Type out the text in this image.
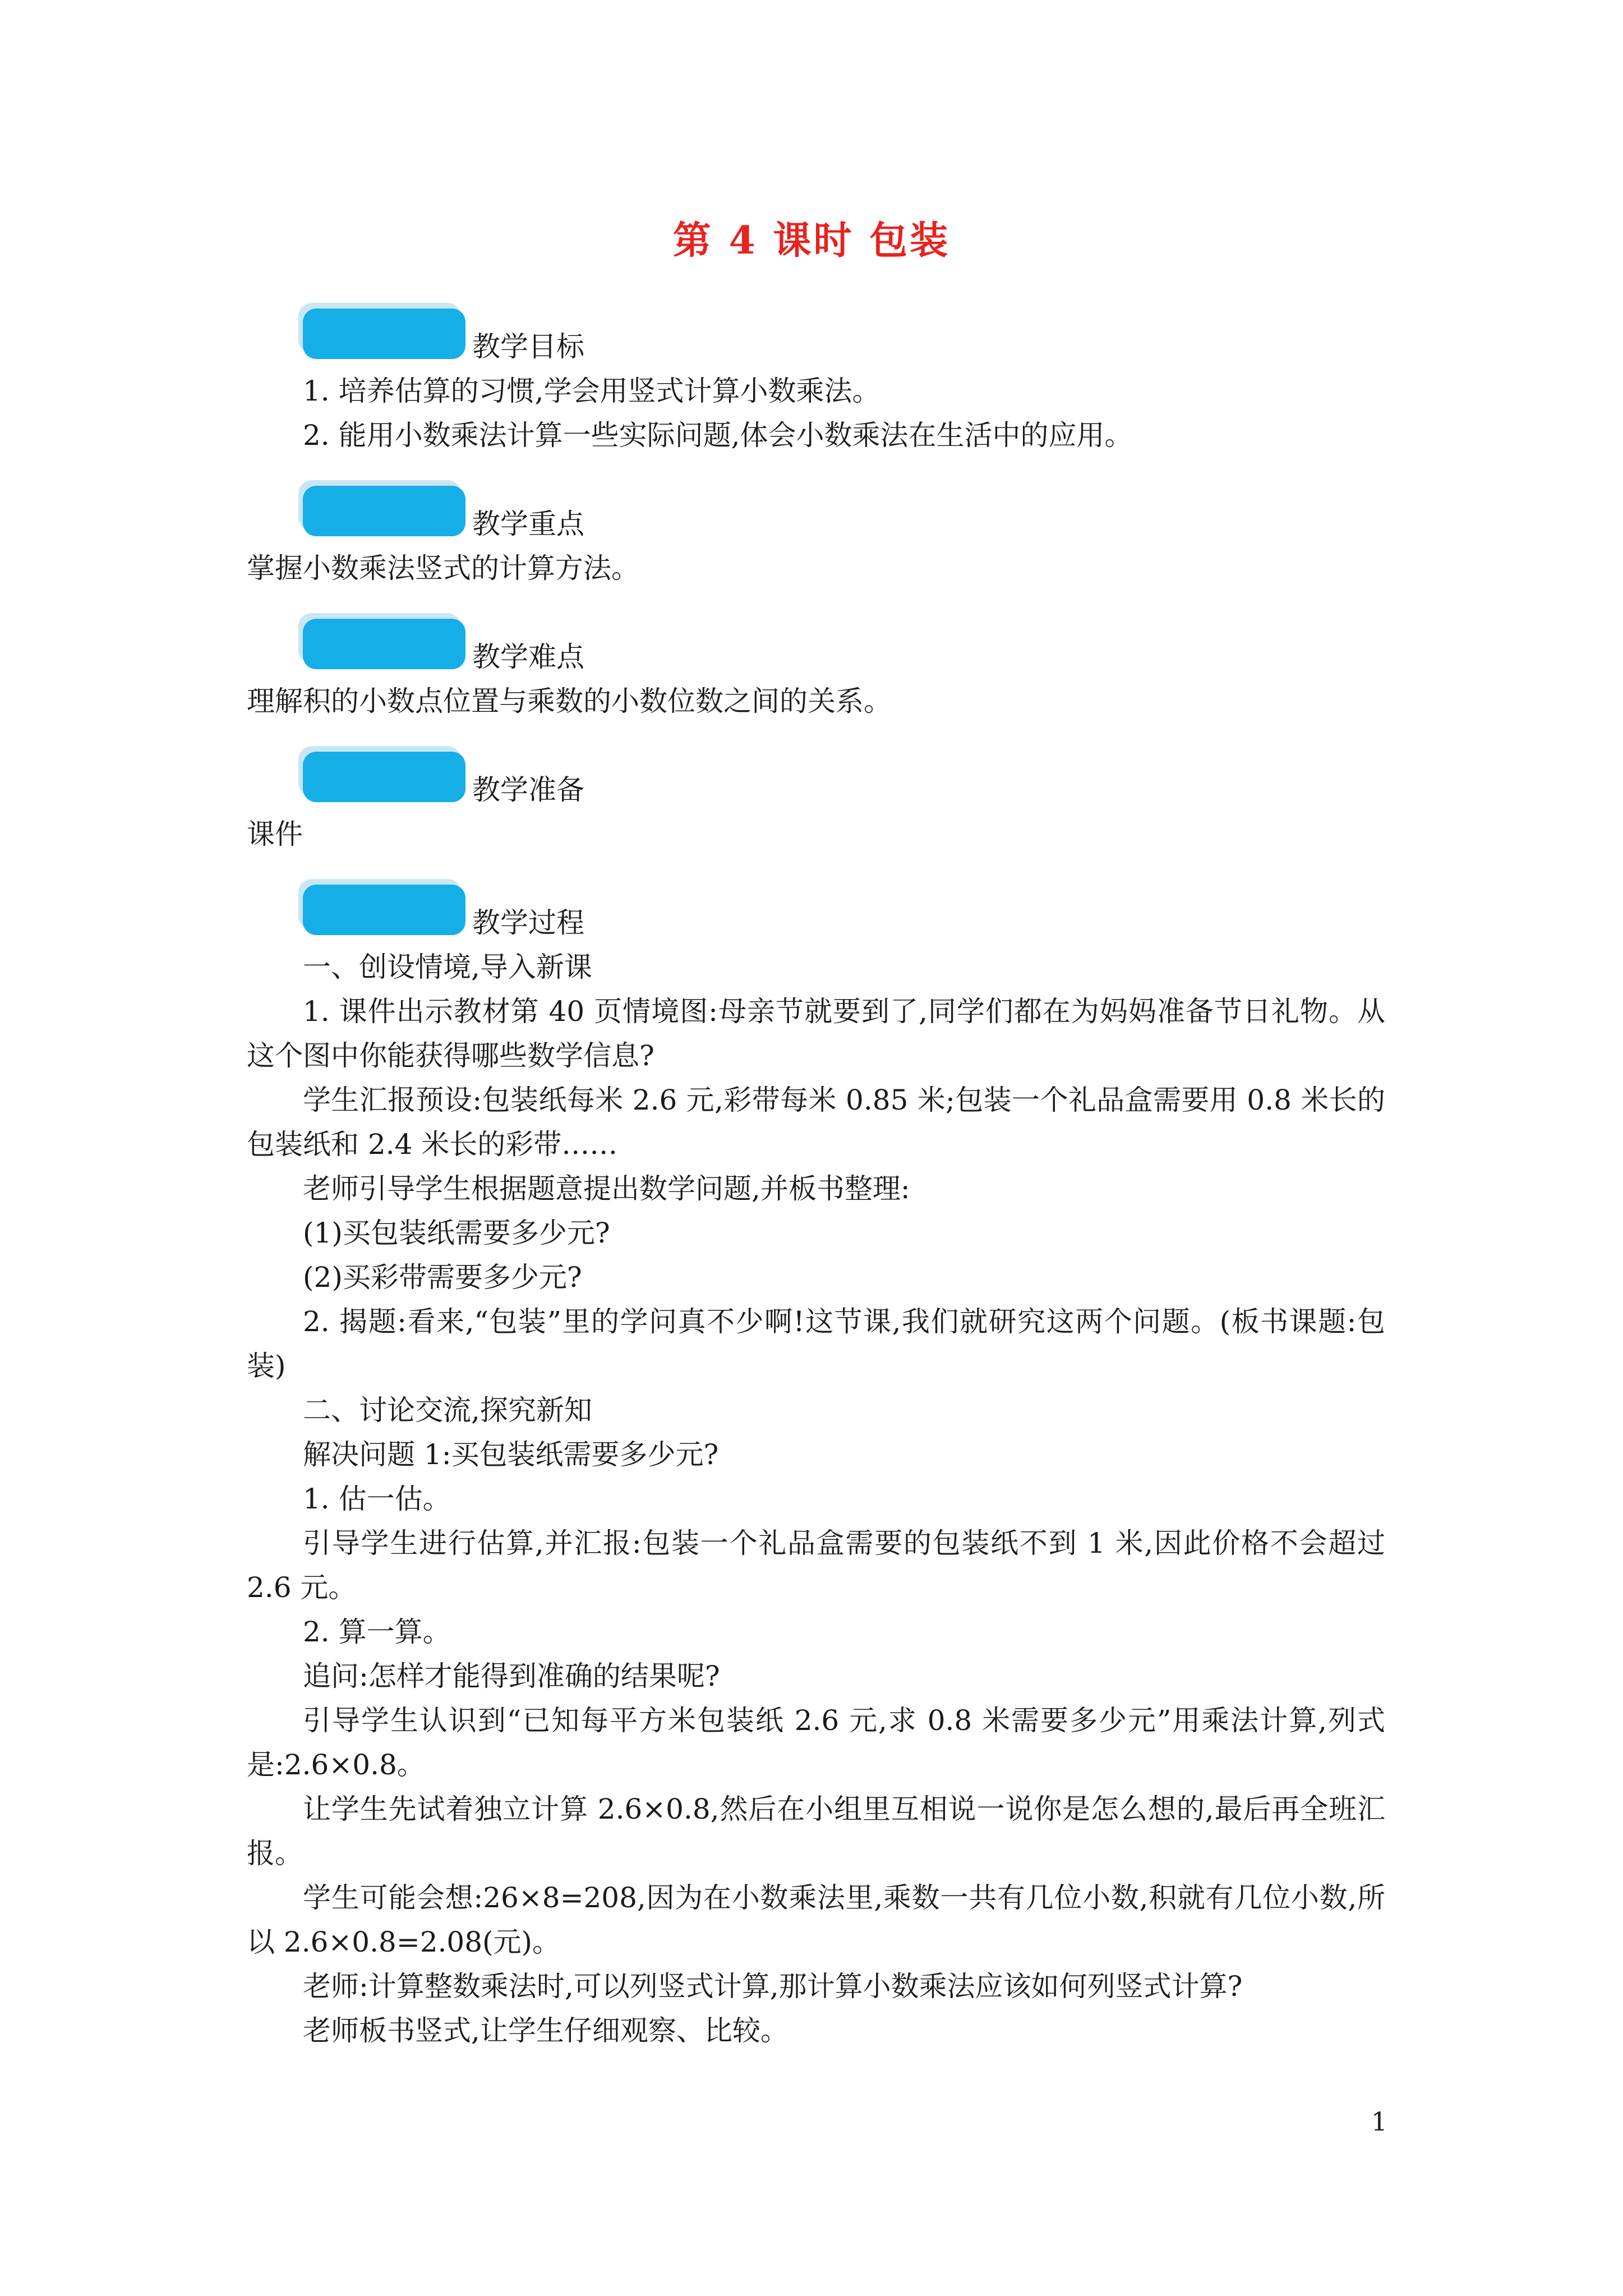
第 4 课时 包装
教学目标

1. 培养估算的习惯,学会用竖式计算小数乘法。

2. 能用小数乘法计算一些实际问题,体会小数乘法在生活中的应用。

教学重点

掌握小数乘法竖式的计算方法。

教学难点

理解积的小数点位置与乘数的小数位数之间的关系。

教学准备

课件

教学过程

一、创设情境,导入新课

1. 课件出示教材第 40 页情境图:母亲节就要到了,同学们都在为妈妈准备节日礼物。从这个图中你能获得哪些数学信息?

学生汇报预设:包装纸每米 2.6 元,彩带每米 0.85 米;包装一个礼品盒需要用 0.8 米长的包装纸和 2.4 米长的彩带……

老师引导学生根据题意提出数学问题,并板书整理:

(1)买包装纸需要多少元?

(2)买彩带需要多少元?

2. 揭题:看来,“包装”里的学问真不少啊!这节课,我们就研究这两个问题。(板书课题:包装)

二、讨论交流,探究新知

解决问题 1:买包装纸需要多少元?

1. 估一估。

引导学生进行估算,并汇报:包装一个礼品盒需要的包装纸不到 1 米,因此价格不会超过 2.6 元。

2. 算一算。

追问:怎样才能得到准确的结果呢?

引导学生认识到“已知每平方米包装纸 2.6 元,求 0.8 米需要多少元”用乘法计算,列式是:2.6×0.8。

让学生先试着独立计算 2.6×0.8,然后在小组里互相说一说你是怎么想的,最后再全班汇报。

学生可能会想:26×8=208,因为在小数乘法里,乘数一共有几位小数,积就有几位小数,所以 2.6×0.8=2.08(元)。

老师:计算整数乘法时,可以列竖式计算,那计算小数乘法应该如何列竖式计算?

老师板书竖式,让学生仔细观察、比较。

1
